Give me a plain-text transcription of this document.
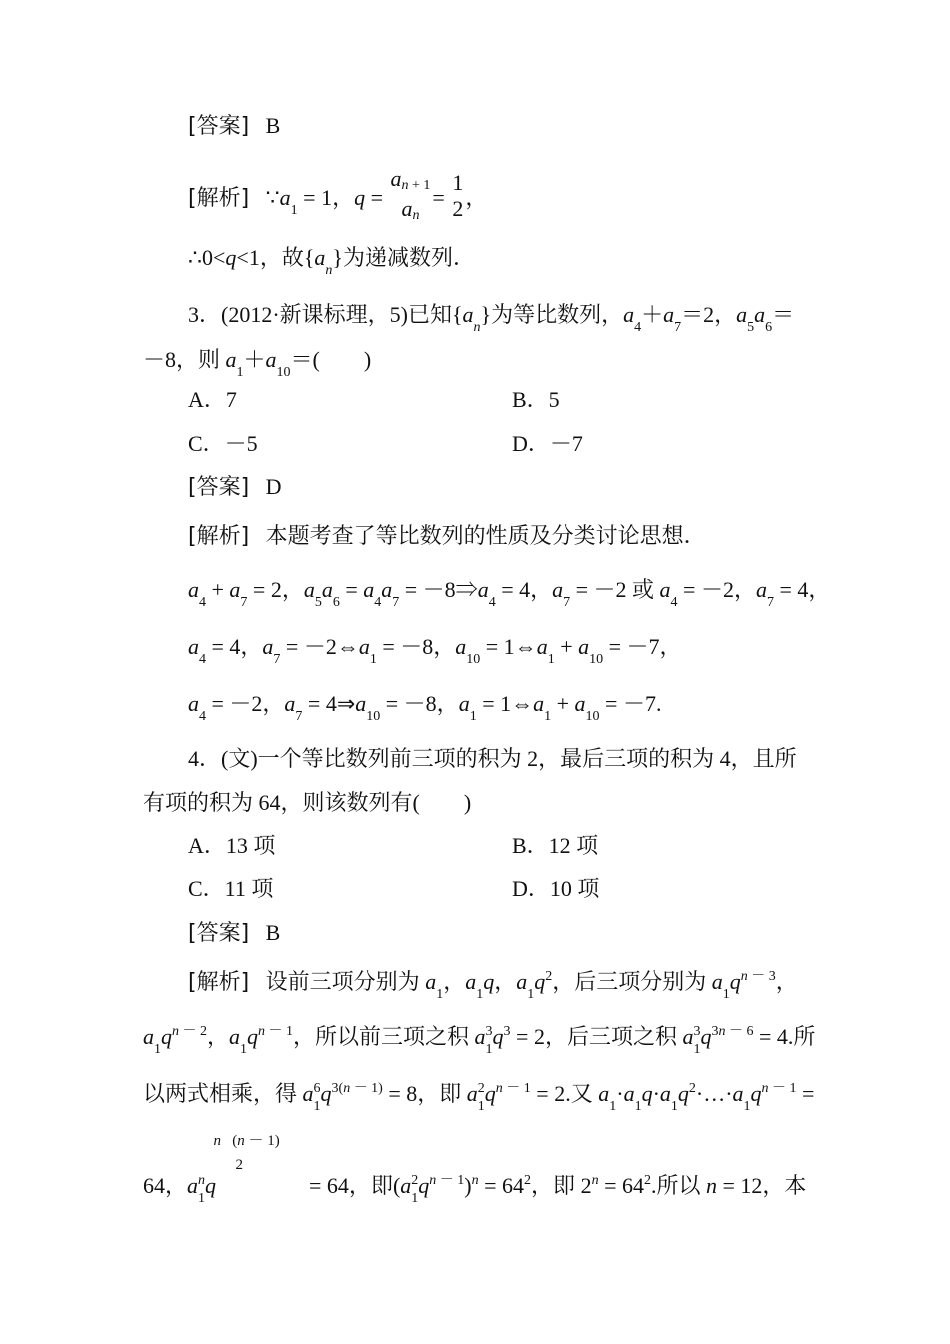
[答案] B
[解析] $\because a_1 = 1$，q =
an + 1
an
=
1
2 ，
∴0<q<1，故$\{a_n\}$为递减数列．
3．(2012·新课标理，5)已知$\{a_n\}$为等比数列，$a_4+a_7=2$，$a_5a_6=$
－8，则 $a_1+a_{10}=$(　　)
A．7	B．5
C．－5	D．－7
[答案] D
[解析] 本题考查了等比数列的性质及分类讨论思想．
$a_4 + a_7 = 2$，$a_5a_6 = a_4a_7$ = $-8\Rightarrow a_4 = 4$，$a_7 = -2$ 或 $a_4 = -2$，$a_7 = 4$，
$a_4 = 4$，$a_7$ = $-2\Leftrightarrow a_1 = -8$，$a_{10}$ = $1\Leftrightarrow a_1 + a_{10} = -7$，
$a_4 = -2$，$a_7$ = $4\Rightarrow a_{10} = -8$，$a_1$ = $1\Leftrightarrow a_1 + a_{10} = -7$.
4．(文)一个等比数列前三项的积为 2，最后三项的积为 4，且所
有项的积为 64，则该数列有(　　)
A．13 项	B．12 项
C．11 项	D．10 项
[答案] B
[解析] 设前三项分别为 $a_1$，$a_1q$，$a_1q^2$，后三项分别为 $a_1q^{n - 3}$，
$a_1q^{n - 2}$，$a_1q^{n - 1}$，所以前三项之积 $a^3_1q^3 = 2$，后三项之积 $a^3_1q^{3n - 6} = 4$.所
以两式相乘，得 $a^6_1q^{3(n - 1)} = 8$，即 $a^2_1q^{n - 1} = 2$.又 $a_1\cdot a_1q\cdot a_1q^2\cdot\dots\cdot a_1q^{n - 1}$ =
64，$a^n_1q$
n   (n － 1)
2
= 64，即$(a^2_1q^{n - 1})^n = 64^2$，即 $2^n = 64^2$.所以 n = 12，本
